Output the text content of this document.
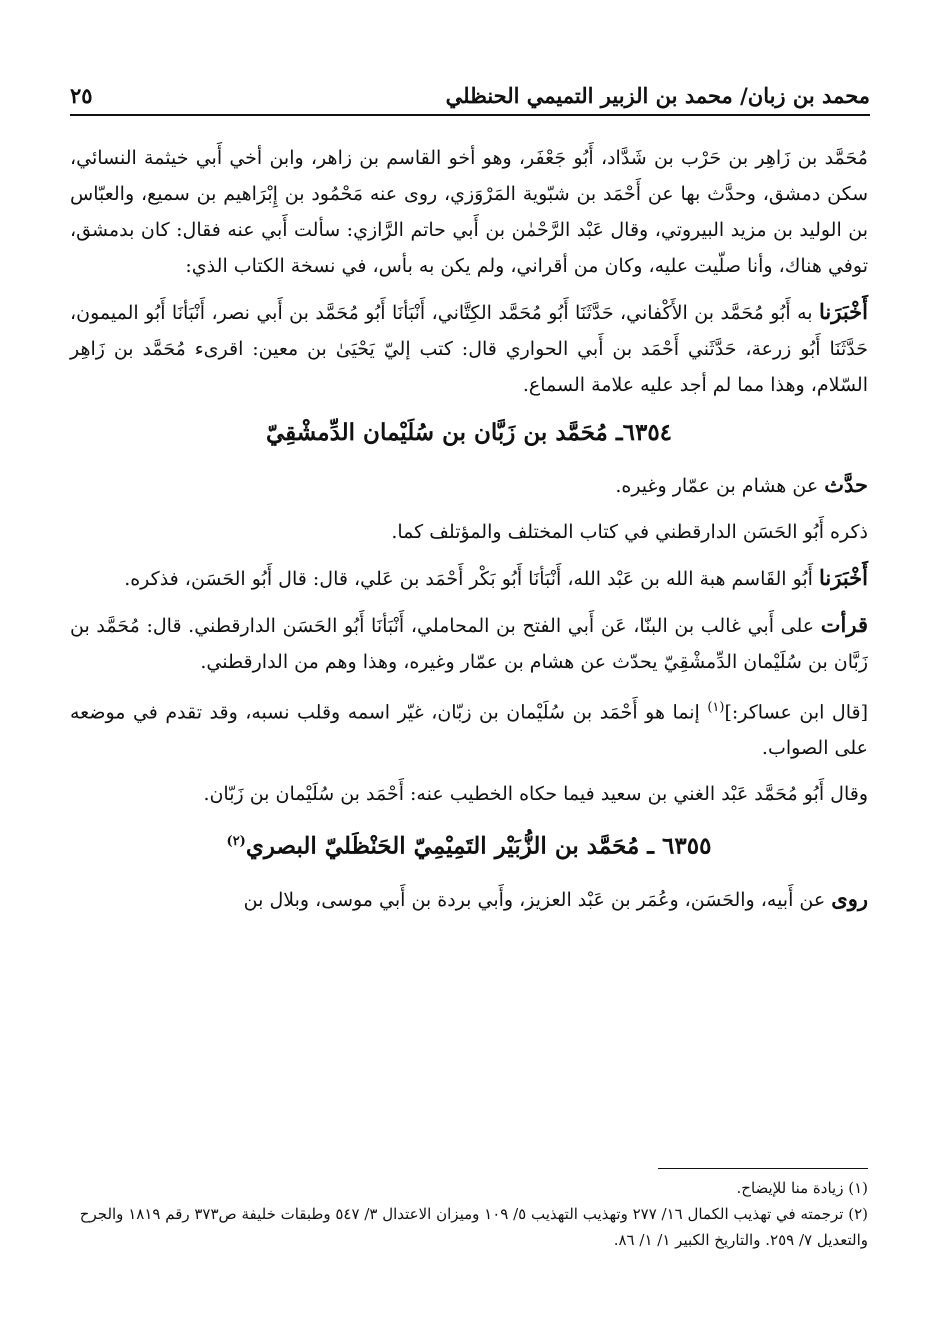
محمد بن زبان/ محمد بن الزبير التميمي الحنظلي
٢٥

مُحَمَّد بن زَاهِر بن حَرْب بن شَدَّاد، أَبُو جَعْفَر، وهو أخو القاسم بن زاهر، وابن أخي أَبي خيثمة النسائي، سكن دمشق، وحدَّث بها عن أَحْمَد بن شبّوية المَرْوَزي، روى عنه مَحْمُود بن إِبْرَاهيم بن سميع، والعبّاس بن الوليد بن مزيد البيروتي، وقال عَبْد الرَّحْمٰن بن أَبي حاتم الرَّازي: سألت أَبي عنه فقال: كان بدمشق، توفي هناك، وأنا صلّيت عليه، وكان من أقراني، ولم يكن به بأس، في نسخة الكتاب الذي:

أَخْبَرَنا به أَبُو مُحَمَّد بن الأَكْفاني، حَدَّثَنَا أَبُو مُحَمَّد الكِتَّاني، أَنْبَأنَا أَبُو مُحَمَّد بن أَبي نصر، أَنْبَأنَا أَبُو الميمون، حَدَّثَنَا أَبُو زرعة، حَدَّثَني أَحْمَد بن أَبي الحواري قال: كتب إليّ يَحْيَىٰ بن معين: اقرىء مُحَمَّد بن زَاهِر السّلام، وهذا مما لم أجد عليه علامة السماع.

٦٣٥٤ـ مُحَمَّد بن زَبَّان بن سُلَيْمان الدِّمشْقِيّ

حدَّث عن هشام بن عمّار وغيره.

ذكره أَبُو الحَسَن الدارقطني في كتاب المختلف والمؤتلف كما.

أَخْبَرَنا أَبُو القَاسم هبة الله بن عَبْد الله، أَنْبَأنَا أَبُو بَكْر أَحْمَد بن عَلي، قال: قال أَبُو الحَسَن، فذكره.

قرأت على أَبي غالب بن البنّا، عَن أَبي الفتح بن المحاملي، أَنْبَأنَا أَبُو الحَسَن الدارقطني. قال: مُحَمَّد بن زَبَّان بن سُلَيْمان الدِّمشْقِيّ يحدّث عن هشام بن عمّار وغيره، وهذا وهم من الدارقطني.

[قال ابن عساكر:]$^{(١)}$ إنما هو أَحْمَد بن سُلَيْمان بن زبّان، غيّر اسمه وقلب نسبه، وقد تقدم في موضعه على الصواب.

وقال أَبُو مُحَمَّد عَبْد الغني بن سعيد فيما حكاه الخطيب عنه: أَحْمَد بن سُلَيْمان بن زَبّان.

٦٣٥٥ ـ مُحَمَّد بن الزُّبَيْر التَمِيْمِيّ الحَنْظَليّ البصري$^{(٢)}$

روى عن أَبيه، والحَسَن، وعُمَر بن عَبْد العزيز، وأَبي بردة بن أَبي موسى، وبلال بن

(١) زيادة منا للإيضاح.

(٢) ترجمته في تهذيب الكمال ١٦/ ٢٧٧ وتهذيب التهذيب ٥/ ١٠٩ وميزان الاعتدال ٣/ ٥٤٧ وطبقات خليفة ص٣٧٣ رقم ١٨١٩ والجرح والتعديل ٧/ ٢٥٩. والتاريخ الكبير ١/ ١/ ٨٦.
